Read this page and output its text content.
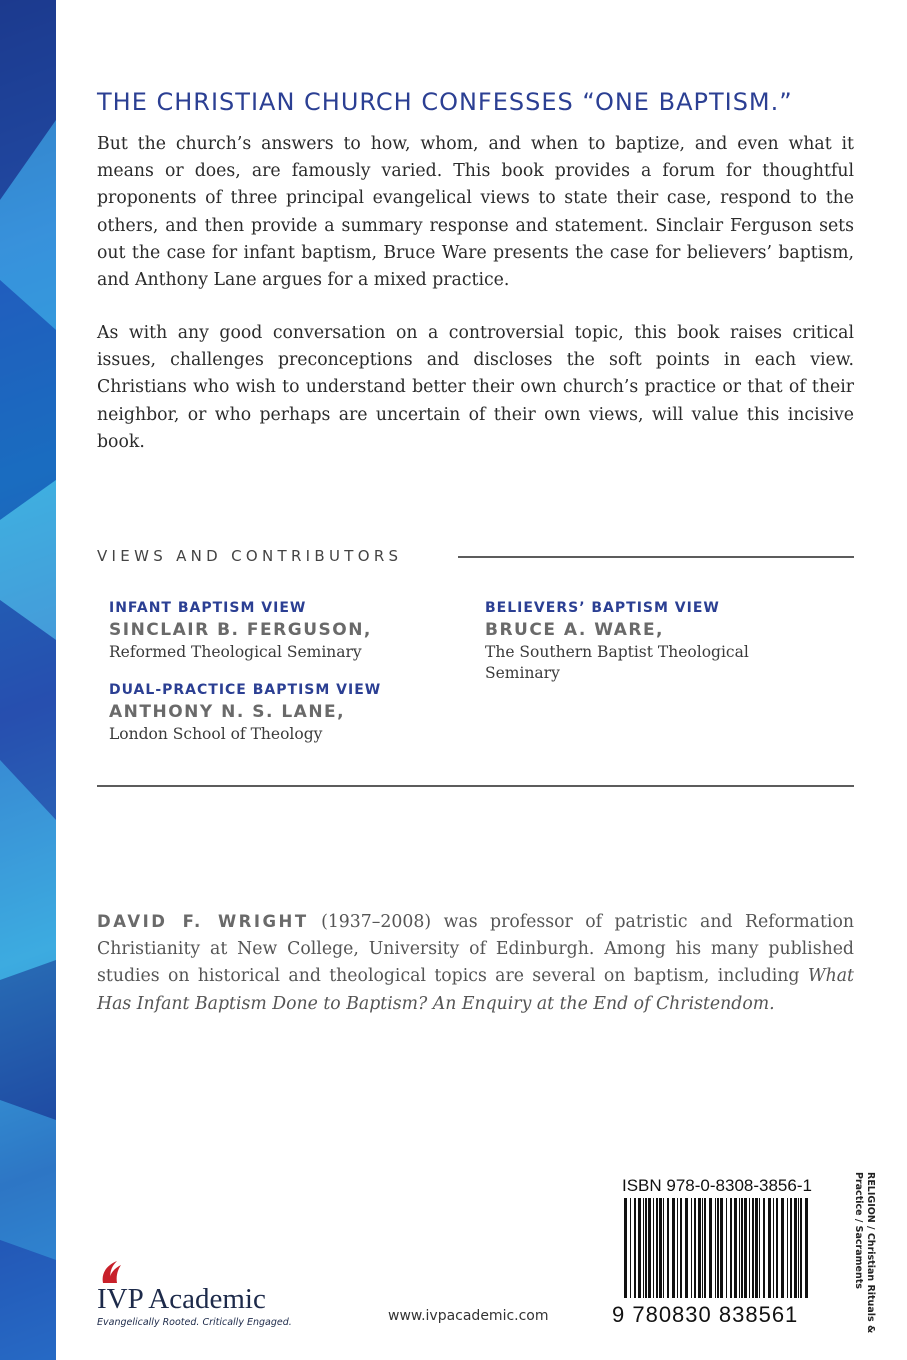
THE CHRISTIAN CHURCH CONFESSES “ONE BAPTISM.”
But the church’s answers to how, whom, and when to baptize, and even what it means or does, are famously varied. This book provides a forum for thoughtful proponents of three principal evangelical views to state their case, respond to the others, and then provide a summary response and statement. Sinclair Ferguson sets out the case for infant baptism, Bruce Ware presents the case for believers’ baptism, and Anthony Lane argues for a mixed practice.
As with any good conversation on a controversial topic, this book raises critical issues, challenges preconceptions and discloses the soft points in each view. Christians who wish to understand better their own church’s practice or that of their neighbor, or who perhaps are uncertain of their own views, will value this incisive book.
VIEWS AND CONTRIBUTORS
INFANT BAPTISM VIEW
SINCLAIR B. FERGUSON,
Reformed Theological Seminary
BELIEVERS’ BAPTISM VIEW
BRUCE A. WARE,
The Southern Baptist Theological Seminary
DUAL-PRACTICE BAPTISM VIEW
ANTHONY N. S. LANE,
London School of Theology
DAVID F. WRIGHT (1937–2008) was professor of patristic and Reformation Christianity at New College, University of Edinburgh. Among his many published studies on historical and theological topics are several on baptism, including What Has Infant Baptism Done to Baptism? An Enquiry at the End of Christendom.
IVP Academic
Evangelically Rooted. Critically Engaged.	www.ivpacademic.com
ISBN 978-0-8308-3856-1
9 780830 838561	RELIGION / Christian Rituals & Practice / Sacraments
